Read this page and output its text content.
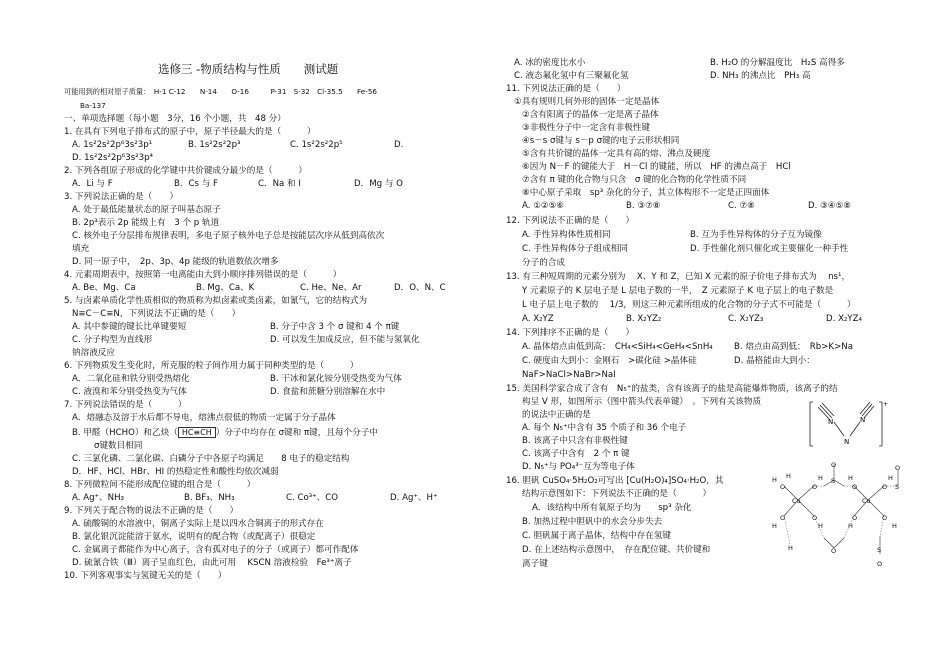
选修三 -物质结构与性质　　测试题
可能用到的相对原子质量：　H-1 C-12　　N-14　　O-16　　　P-31　S-32　Cl-35.5　　Fe-56
Ba-137
一、单项选择题（每小题　3分，16 个小题，共　48 分）
1. 在具有下列电子排布式的原子中，原子半径最大的是（　　　）
A. 1s²2s²2p⁶3s²3p¹	B. 1s²2s²2p³	C. 1s²2s²2p⁵	D.
D. 1s²2s²2p⁶3s²3p⁴
2. 下列各组原子形成的化学键中共价键成分最少的是（　　　）
A．Li 与 F	B．Cs 与 F	C．Na 和 I	D．Mg 与 O
3. 下列说法正确的是（　　）
A. 处于最低能量状态的原子叫基态原子
B. 2p³表示 2p 能级上有　3 个 p 轨道
C. 核外电子分层排布规律表明，多电子原子核外电子总是按能层次序从低到高依次
填充
D. 同一原子中，　2p、3p、4p 能级的轨道数依次增多
4. 元素周期表中，按照第一电离能由大到小顺序排列错误的是（　　　）
A. Be、Mg、Ca	B. Mg、Ca、K	C. He、Ne、Ar	D．O、N、C
5. 与卤素单质化学性质相似的物质称为拟卤素或类卤素，如氰气，它的结构式为
N≡C－C≡N，下列说法不正确的是（　　）
A. 其中参键的键长比单键要短	B. 分子中含 3 个 σ 键和 4 个 π键
C. 分子构型为直线形	D. 可以发生加成反应，但不能与氢氧化
钠溶液反应
6. 下列物质发生变化时，所克服的粒子间作用力属于同种类型的是（　　　）
A．二氧化硅和铁分别受热熔化	B. 干冰和氯化铵分别受热变为气体
C. 液溴和苯分别受热变为气体	D. 食盐和蔗糖分别溶解在水中
7. 下列说法错误的是（　　　）
A．熔融态及溶于水后都不导电，熔沸点很低的物质一定属于分子晶体
B. 甲醛（HCHO）和乙炔（ HC≡CH ）分子中均存在 σ键和 π键，且每个分子中
σ键数目相同
C. 三氯化磷、二氯化碳、白磷分子中各原子均满足　　8 电子的稳定结构
D．HF、HCl、HBr、HI 的热稳定性和酸性均依次减弱
8. 下列微粒间不能形成配位键的组合是（　　　）
A. Ag⁺、NH₃	B. BF₃、NH₃	C. Co³⁺、CO	D. Ag⁺、H⁺
9. 下列关于配合物的说法不正确的是（　　）
A. 硫酸铜的水溶液中，铜离子实际上是以四水合铜离子的形式存在
B. 氯化银沉淀能溶于氨水，说明有的配合物（或配离子）很稳定
C. 金属离子都能作为中心离子，含有孤对电子的分子（或离子）都可作配体
D. 硫氰合铁（Ⅲ）离子呈血红色，由此可用　 KSCN 溶液检验　Fe³⁺离子
10. 下列客观事实与氢键无关的是（　　）
A. 冰的密度比水小	B. H₂O 的分解温度比　H₂S 高得多
C. 液态氟化氢中有三聚氟化氢	D. NH₃ 的沸点比　PH₃ 高
11. 下列说法正确的是（　　）
①具有规则几何外形的固体一定是晶体
②含有阳离子的晶体一定是离子晶体
③非极性分子中一定含有非极性键
④s－s σ键与 s－p σ键的电子云形状相同
⑤含有共价键的晶体一定具有高的熔、沸点及硬度
⑥因为 N－F 的键能大于　H－Cl 的键能，所以　HF 的沸点高于　HCl
⑦含有 π 键的化合物与只含　σ 键的化合物的化学性质不同
⑧中心原子采取　sp³ 杂化的分子，其立体构形不一定是正四面体
A. ①②⑤⑥	B. ③⑦⑧	C. ⑦⑧	D. ③④⑤⑧
12. 下列说法不正确的是（　　）
A. 手性异构体性质相同	B. 互为手性异构体的分子互为镜像
C. 手性异构体分子组成相同	D. 手性催化剂只催化或主要催化一种手性
分子的合成
13. 有三种短周期的元素分别为　 X、Y 和 Z，已知 X 元素的原子价电子排布式为　 ns¹，
Y 元素原子的 K 层电子是 L 层电子数的一半，　Z 元素原子 K 电子层上的电子数是
L 电子层上电子数的　 1/3，则这三种元素所组成的化合物的分子式不可能是（　　　）
A. X₂YZ	B. X₂YZ₂	C. X₂YZ₃	D. X₂YZ₄
14. 下列排序不正确的是（　　）
A. 晶体熔点由低到高：　CH₄<SiH₄<GeH₄<SnH₄ B. 熔点由高到低：　Rb>K>Na
C. 硬度由大到小：金刚石　>碳化硅 >晶体硅	D. 晶格能由大到小：
NaF>NaCl>NaBr>NaI
15. 美国科学家合成了含有　N₅⁺的盐类，含有该离子的盐是高能爆炸物质，该离子的结
构呈 V 形，如图所示（图中箭头代表单键）　。下列有关该物质
的说法中正确的是
A. 每个 N₅⁺中含有 35 个质子和 36 个电子
B. 该离子中只含有非极性键
C. 该离子中含有　2 个 π 键
D. N₅⁺与 PO₄³⁻互为等电子体
16. 胆矾 CuSO₄·5H₂O₂可写出 [Cu(H₂O)₄]SO₄·H₂O，其
结构示意图如下：下列说法不正确的是（　　　）
A．该结构中所有氧原子均为　　sp³ 杂化
B. 加热过程中胆矾中的水会分步失去
C. 胆矾属于离子晶体，结构中存在氢键
D. 在上述结构示意图中，　存在配位键、共价键和
离子键
N
N
N
+
Cu	Cu
S
S
S
O	O
O	O
O	O
O	O
O	O
O
O
H H	H
H	H
H	H
H	H
H
